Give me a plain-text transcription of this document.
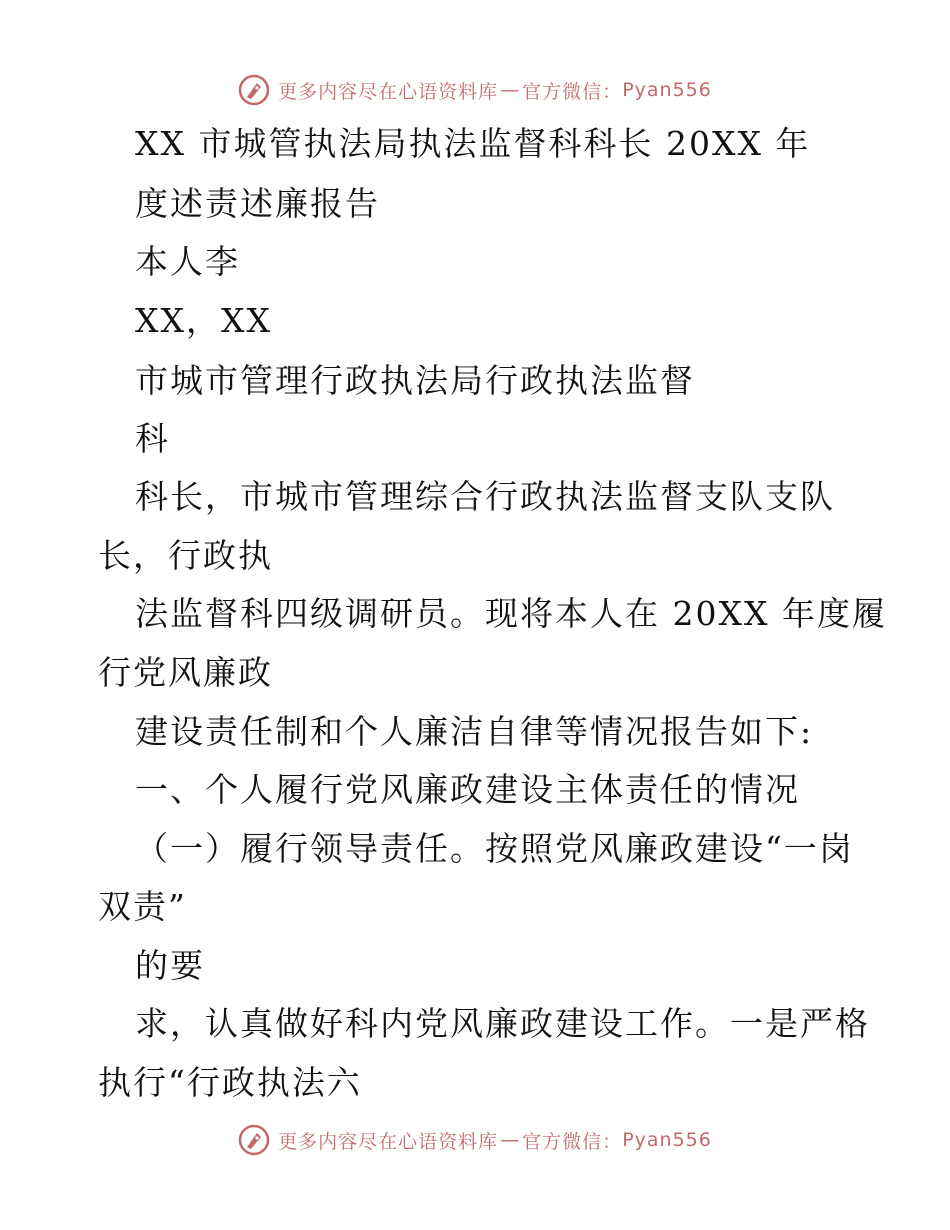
更多内容尽在心语资料库 — 官方微信： Pyan556
XX 市城管执法局执法监督科科长 20XX 年
度述责述廉报告
本人李
XX，XX
市城市管理行政执法局行政执法监督
科
科长，市城市管理综合行政执法监督支队支队
长，行政执
法监督科四级调研员。现将本人在 20XX 年度履
行党风廉政
建设责任制和个人廉洁自律等情况报告如下:
一、个人履行党风廉政建设主体责任的情况
（一）履行领导责任。按照党风廉政建设“一岗
双责”
的要
求，认真做好科内党风廉政建设工作。一是严格
执行“行政执法六
更多内容尽在心语资料库 — 官方微信： Pyan556
